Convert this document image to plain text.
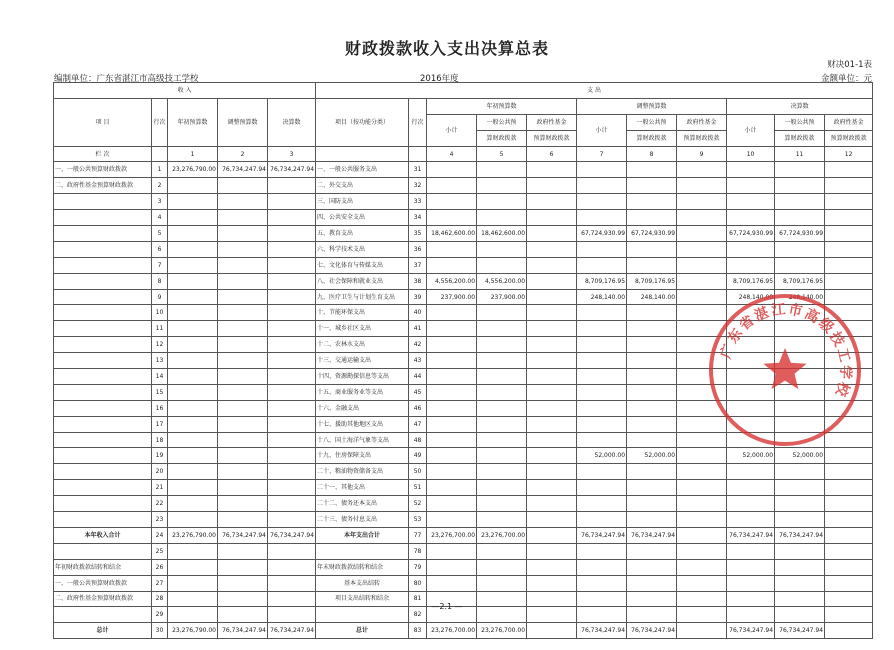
财政拨款收入支出决算总表
财决01-1表
编制单位：广东省湛江市高级技工学校	2016年度	金额单位：元
收 入					支 出										
项 目	行次	年初预算数	调整预算数	决算数	项目（按功能分类）	行次	年初预算数			调整预算数			决算数		
							小计	一般公共预	政府性基金	小计	一般公共预	政府性基金	小计	一般公共预	政府性基金
								算财政拨款	预算财政拨款		算财政拨款	预算财政拨款		算财政拨款	预算财政拨款
栏 次		1	2	3			4	5	6	7	8	9	10	11	12
一、一般公共预算财政拨款	1	23,276,790.00	76,734,247.94	76,734,247.94	一、一般公共服务支出	31									
二、政府性基金预算财政拨款	2				二、外交支出	32									
	3				三、国防支出	33									
	4				四、公共安全支出	34									
	5				五、教育支出	35	18,462,600.00	18,462,600.00		67,724,930.99	67,724,930.99		67,724,930.99	67,724,930.99	
	6				六、科学技术支出	36									
	7				七、文化体育与传媒支出	37									
	8				八、社会保障和就业支出	38	4,556,200.00	4,556,200.00		8,709,176.95	8,709,176.95		8,709,176.95	8,709,176.95	
	9				九、医疗卫生与计划生育支出	39	237,900.00	237,900.00		248,140.00	248,140.00		248,140.00	248,140.00	
	10				十、节能环保支出	40									
	11				十一、城乡社区支出	41									
	12				十二、农林水支出	42									
	13				十三、交通运输支出	43									
	14				十四、资源勘探信息等支出	44									
	15				十五、商业服务业等支出	45									
	16				十六、金融支出	46									
	17				十七、援助其他地区支出	47									
	18				十八、国土海洋气象等支出	48									
	19				十九、住房保障支出	49				52,000.00	52,000.00		52,000.00	52,000.00	
	20				二十、粮油物资储备支出	50									
	21				二十一、其他支出	51									
	22				二十二、债务还本支出	52									
	23				二十三、债务付息支出	53									
本年收入合计	24	23,276,790.00	76,734,247.94	76,734,247.94	本年支出合计	77	23,276,700.00	23,276,700.00		76,734,247.94	76,734,247.94		76,734,247.94	76,734,247.94	
	25					78									
年初财政拨款结转和结余	26				年末财政拨款结转和结余	79									
一、一般公共预算财政拨款	27				基本支出结转	80									
二、政府性基金预算财政拨款	28				项目支出结转和结余	81									
	29					82									
总计	30	23,276,790.00	76,734,247.94	76,734,247.94	总计	83	23,276,700.00	23,276,700.00		76,734,247.94	76,734,247.94		76,734,247.94	76,734,247.94	
广东省湛江市高级技工学校
—2.1 —
